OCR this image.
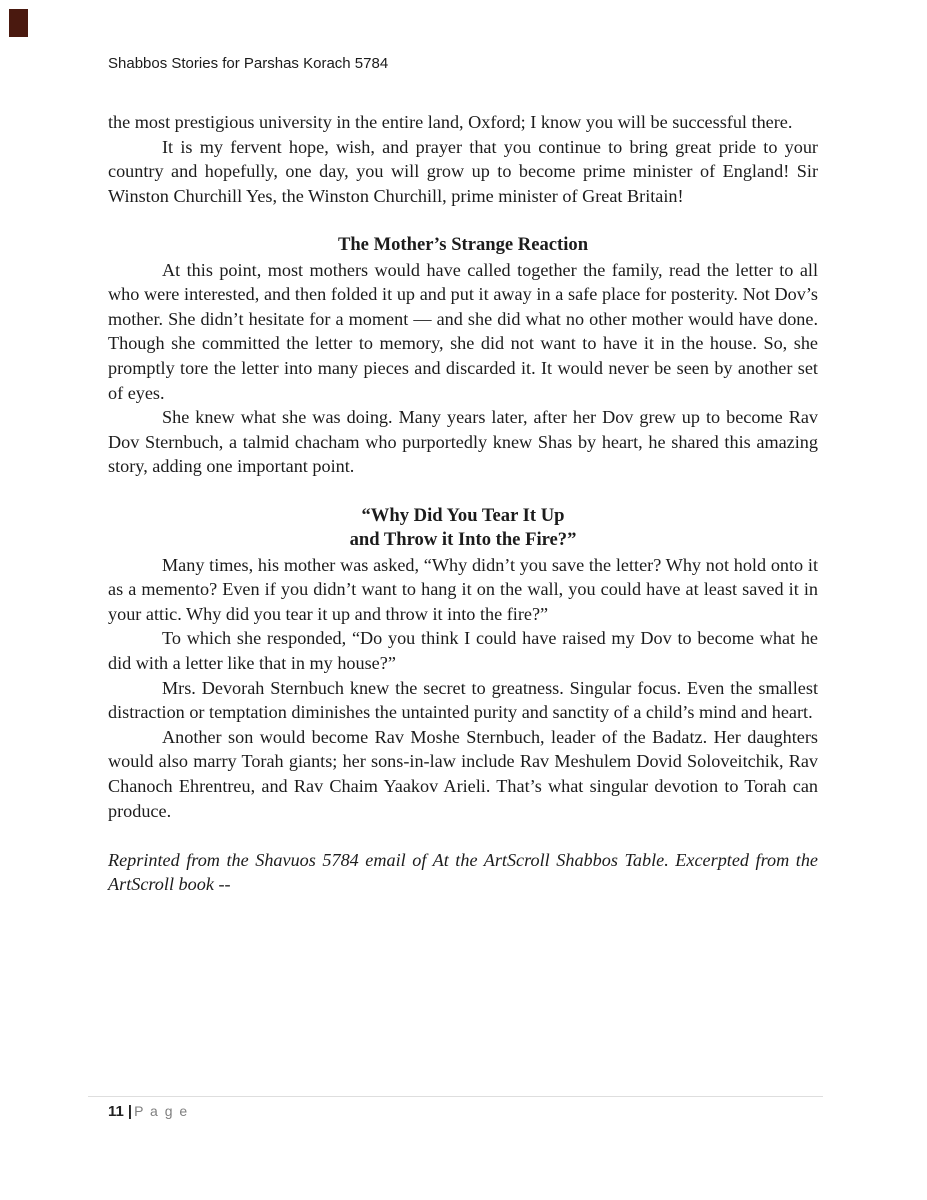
Shabbos Stories for Parshas Korach 5784

the most prestigious university in the entire land, Oxford; I know you will be successful there.

It is my fervent hope, wish, and prayer that you continue to bring great pride to your country and hopefully, one day, you will grow up to become prime minister of England! Sir Winston Churchill Yes, the Winston Churchill, prime minister of Great Britain!

The Mother’s Strange Reaction

At this point, most mothers would have called together the family, read the letter to all who were interested, and then folded it up and put it away in a safe place for posterity. Not Dov’s mother. She didn’t hesitate for a moment — and she did what no other mother would have done. Though she committed the letter to memory, she did not want to have it in the house. So, she promptly tore the letter into many pieces and discarded it. It would never be seen by another set of eyes.

She knew what she was doing. Many years later, after her Dov grew up to become Rav Dov Sternbuch, a talmid chacham who purportedly knew Shas by heart, he shared this amazing story, adding one important point.

“Why Did You Tear It Up
and Throw it Into the Fire?”

Many times, his mother was asked, “Why didn’t you save the letter? Why not hold onto it as a memento? Even if you didn’t want to hang it on the wall, you could have at least saved it in your attic. Why did you tear it up and throw it into the fire?”

To which she responded, “Do you think I could have raised my Dov to become what he did with a letter like that in my house?”

Mrs. Devorah Sternbuch knew the secret to greatness. Singular focus. Even the smallest distraction or temptation diminishes the untainted purity and sanctity of a child’s mind and heart.

Another son would become Rav Moshe Sternbuch, leader of the Badatz. Her daughters would also marry Torah giants; her sons-in-law include Rav Meshulem Dovid Soloveitchik, Rav Chanoch Ehrentreu, and Rav Chaim Yaakov Arieli. That’s what singular devotion to Torah can produce.

Reprinted from the Shavuos 5784 email of At the ArtScroll Shabbos Table. Excerpted from the ArtScroll book --

11 | P a g e
